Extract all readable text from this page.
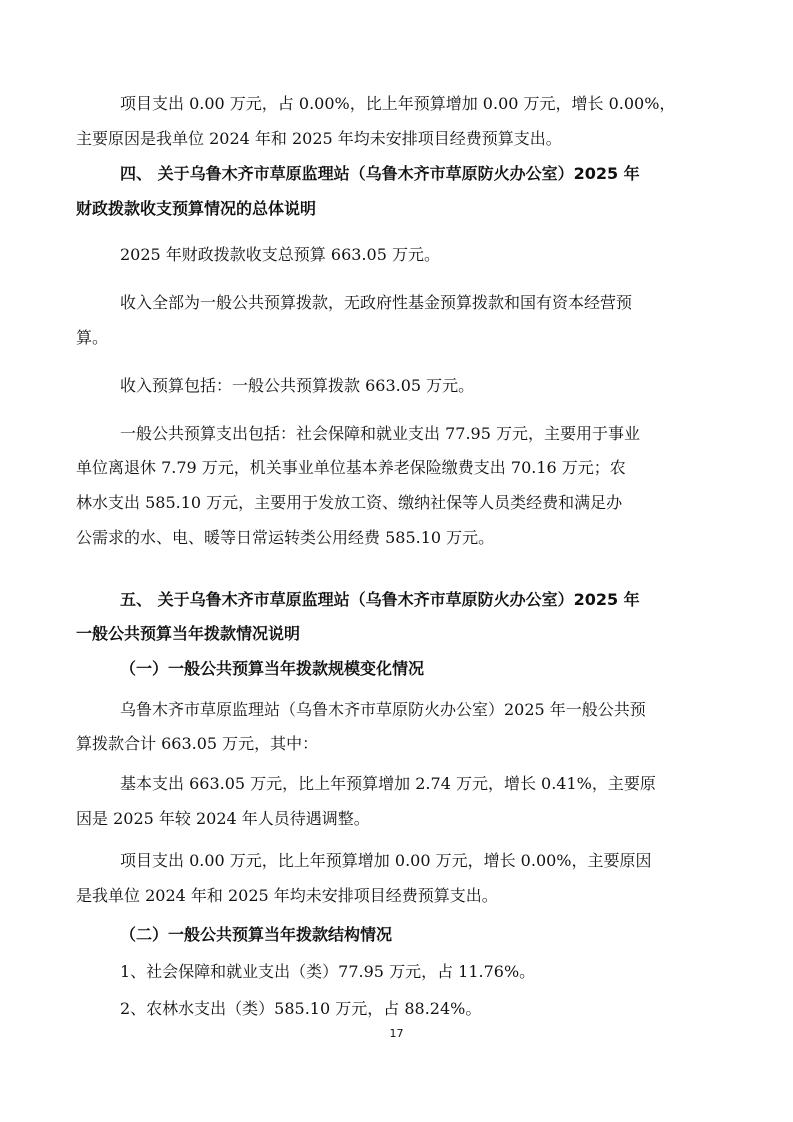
项目支出 0.00 万元，占 0.00%，比上年预算增加 0.00 万元，增长 0.00%，

主要原因是我单位 2024 年和 2025 年均未安排项目经费预算支出。

四、 关于乌鲁木齐市草原监理站（乌鲁木齐市草原防火办公室）2025 年

财政拨款收支预算情况的总体说明

2025 年财政拨款收支总预算 663.05 万元。

收入全部为一般公共预算拨款，无政府性基金预算拨款和国有资本经营预

算。

收入预算包括：一般公共预算拨款 663.05 万元。

一般公共预算支出包括：社会保障和就业支出 77.95 万元，主要用于事业

单位离退休 7.79 万元，机关事业单位基本养老保险缴费支出 70.16 万元；农

林水支出 585.10 万元，主要用于发放工资、缴纳社保等人员类经费和满足办

公需求的水、电、暖等日常运转类公用经费 585.10 万元。

五、 关于乌鲁木齐市草原监理站（乌鲁木齐市草原防火办公室）2025 年

一般公共预算当年拨款情况说明

（一）一般公共预算当年拨款规模变化情况

乌鲁木齐市草原监理站（乌鲁木齐市草原防火办公室）2025 年一般公共预

算拨款合计 663.05 万元，其中：

基本支出 663.05 万元，比上年预算增加 2.74 万元，增长 0.41%，主要原

因是 2025 年较 2024 年人员待遇调整。

项目支出 0.00 万元，比上年预算增加 0.00 万元，增长 0.00%，主要原因

是我单位 2024 年和 2025 年均未安排项目经费预算支出。

（二）一般公共预算当年拨款结构情况

1、社会保障和就业支出（类）77.95 万元，占 11.76%。

2、农林水支出（类）585.10 万元，占 88.24%。

17
